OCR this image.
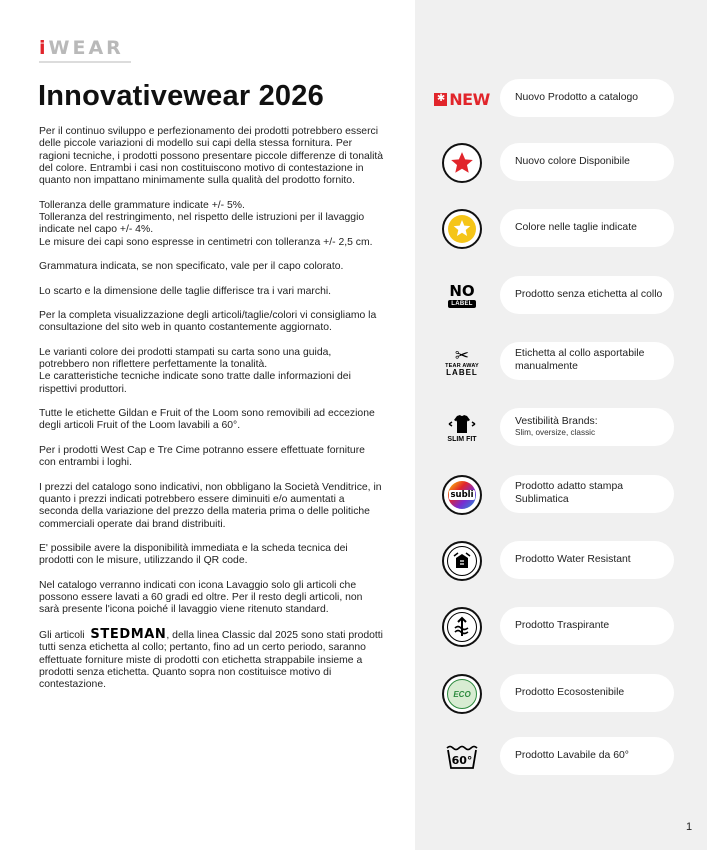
iWEAR
Innovativewear 2026

Per il continuo sviluppo e perfezionamento dei prodotti potrebbero esserci delle piccole variazioni di modello sui capi della stessa fornitura. Per ragioni tecniche, i prodotti possono presentare piccole differenze di tonalità del colore. Entrambi i casi non costituiscono motivo di contestazione in quanto non impattano minimamente sulla qualità del prodotto fornito.

Tolleranza delle grammature indicate +/- 5%.
Tolleranza del restringimento, nel rispetto delle istruzioni per il lavaggio indicate nel capo +/- 4%.
Le misure dei capi sono espresse in centimetri con tolleranza +/- 2,5 cm.

Grammatura indicata, se non specificato, vale per il capo colorato.

Lo scarto e la dimensione delle taglie differisce tra i vari marchi.

Per la completa visualizzazione degli articoli/taglie/colori vi consigliamo la consultazione del sito web in quanto costantemente aggiornato.

Le varianti colore dei prodotti stampati su carta sono una guida, potrebbero non riflettere perfettamente la tonalità.
Le caratteristiche tecniche indicate sono tratte dalle informazioni dei rispettivi produttori.

Tutte le etichette Gildan e Fruit of the Loom sono removibili ad eccezione degli articoli Fruit of the Loom lavabili a 60°.

Per i prodotti West Cap e Tre Cime potranno essere effettuate forniture con entrambi i loghi.

I prezzi del catalogo sono indicativi, non obbligano la Società Venditrice, in quanto i prezzi indicati potrebbero essere diminuiti e/o aumentati a seconda della variazione del prezzo della materia prima o delle politiche commerciali operate dai brand distribuiti.

E' possibile avere la disponibilità immediata e la scheda tecnica dei prodotti con le misure, utilizzando il QR code.

Nel catalogo verranno indicati con icona Lavaggio solo gli articoli che possono essere lavati a 60 gradi ed oltre. Per il resto degli articoli, non sarà presente l'icona poiché il lavaggio viene ritenuto standard.

Gli articoli STEDMAN, della linea Classic dal 2025 sono stati prodotti tutti senza etichetta al collo; pertanto, fino ad un certo periodo, saranno effettuate forniture miste di prodotti con etichetta strappabile insieme a prodotti senza etichetta. Quanto sopra non costituisce motivo di contestazione.

✱ NEW Nuovo Prodotto a catalogo
Nuovo colore Disponibile
Colore nelle taglie indicate
NO
LABEL
Prodotto senza etichetta al collo
✂
TEAR AWAY
LABEL
Etichetta al collo asportabile manualmente
SLIM FIT
Vestibilità Brands:
Slim, oversize, classic
subli
Prodotto adatto stampa Sublimatica
Prodotto Water Resistant
Prodotto Traspirante
ECO	Prodotto Ecosostenibile
60°	Prodotto Lavabile da 60°
1
